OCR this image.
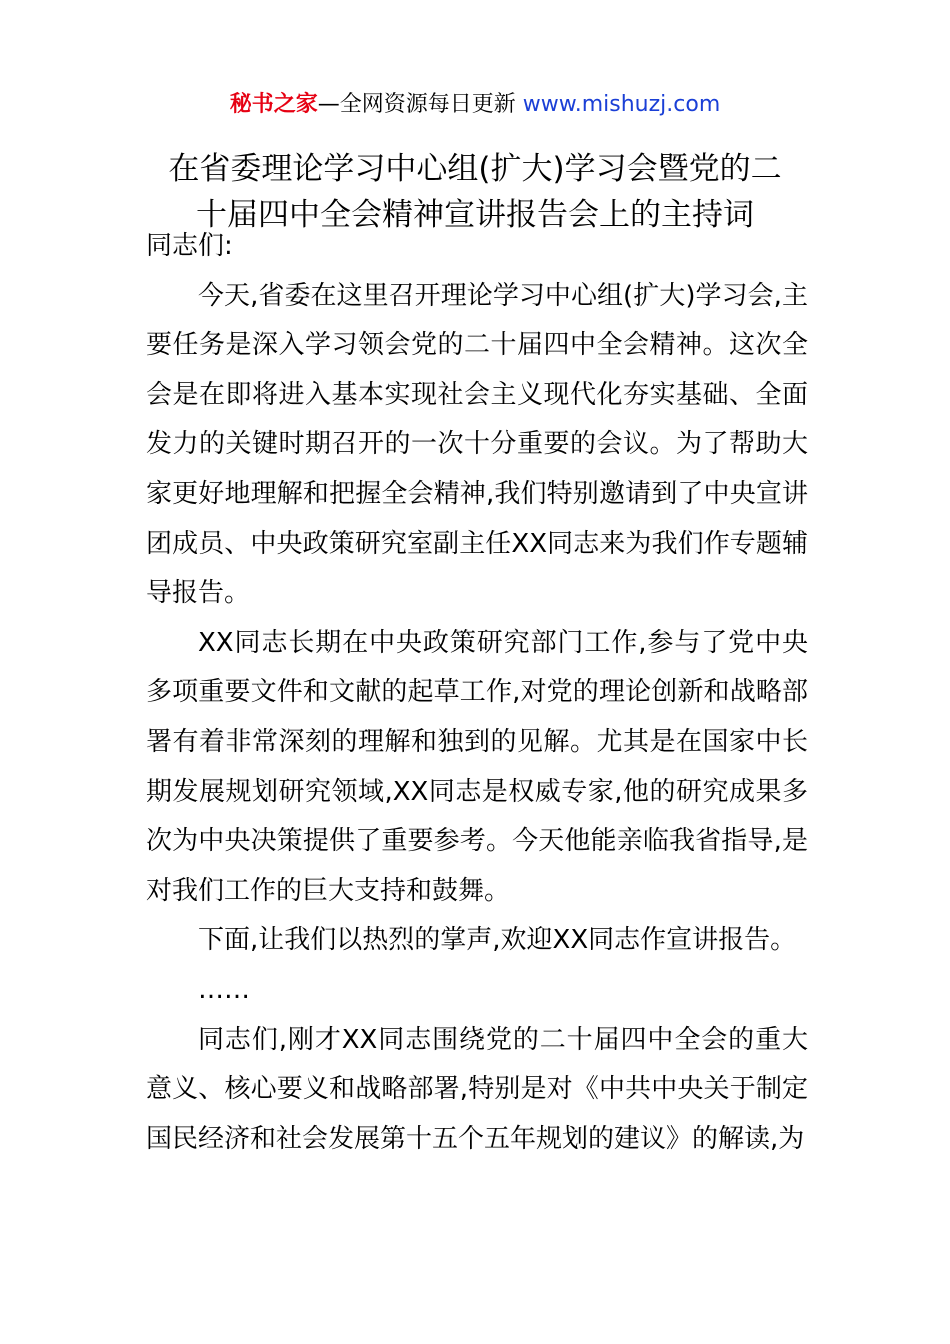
秘书之家—全网资源每日更新 www.mishuzj.com
在省委理论学习中心组(扩大)学习会暨党的二
十届四中全会精神宣讲报告会上的主持词

同志们:

今天,省委在这里召开理论学习中心组(扩大)学习会,主要任务是深入学习领会党的二十届四中全会精神。这次全会是在即将进入基本实现社会主义现代化夯实基础、全面发力的关键时期召开的一次十分重要的会议。为了帮助大家更好地理解和把握全会精神,我们特别邀请到了中央宣讲团成员、中央政策研究室副主任XX同志来为我们作专题辅导报告。

XX同志长期在中央政策研究部门工作,参与了党中央多项重要文件和文献的起草工作,对党的理论创新和战略部署有着非常深刻的理解和独到的见解。尤其是在国家中长期发展规划研究领域,XX同志是权威专家,他的研究成果多次为中央决策提供了重要参考。今天他能亲临我省指导,是对我们工作的巨大支持和鼓舞。

下面,让我们以热烈的掌声,欢迎XX同志作宣讲报告。

……

同志们,刚才XX同志围绕党的二十届四中全会的重大意义、核心要义和战略部署,特别是对《中共中央关于制定国民经济和社会发展第十五个五年规划的建议》的解读,为
